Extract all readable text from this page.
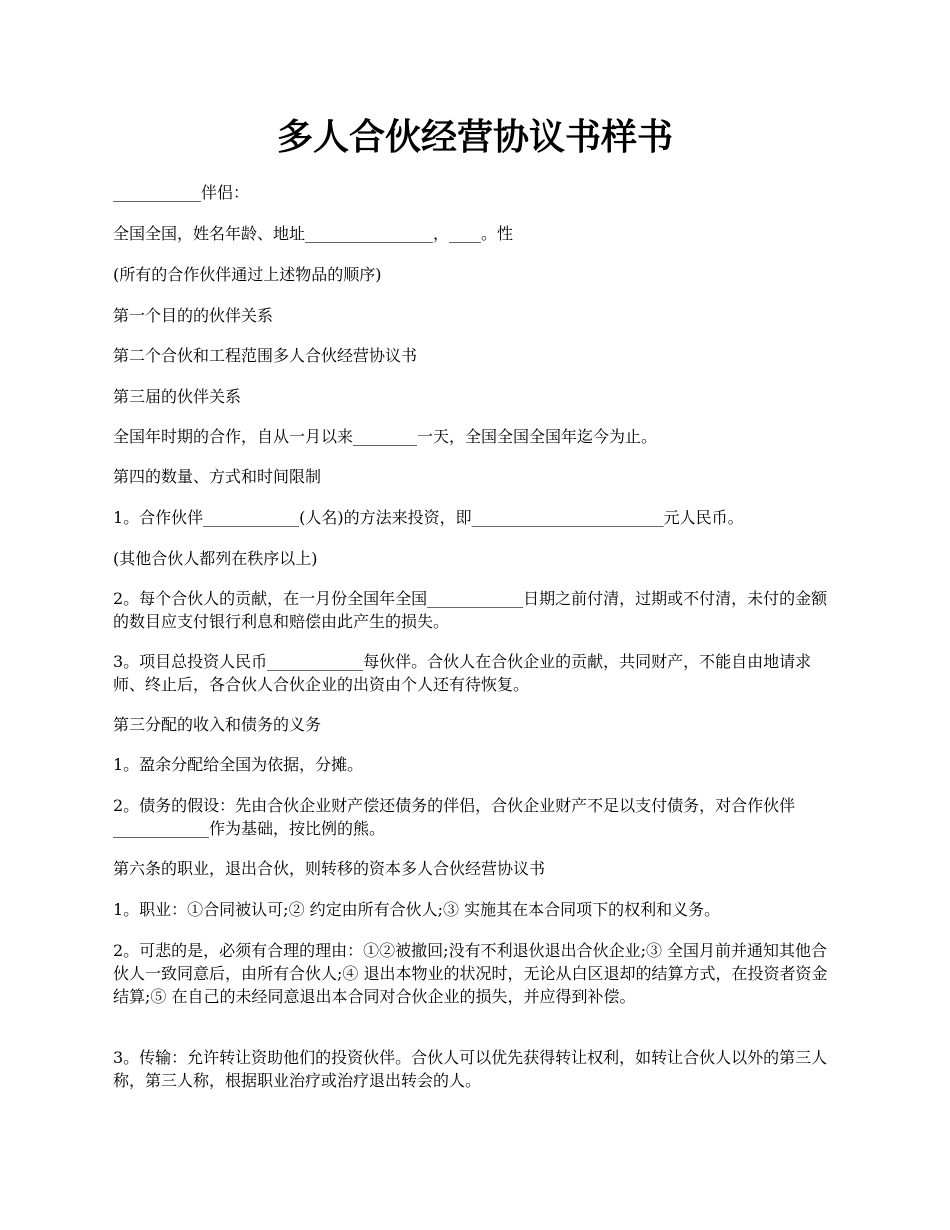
多人合伙经营协议书样书

___________伴侣：

全国全国，姓名年龄、地址________________，____。性

(所有的合作伙伴通过上述物品的顺序)

第一个目的的伙伴关系

第二个合伙和工程范围多人合伙经营协议书

第三届的伙伴关系

全国年时期的合作，自从一月以来________一天，全国全国全国年迄今为止。

第四的数量、方式和时间限制

1。合作伙伴____________(人名)的方法来投资，即________________________元人民币。

(其他合伙人都列在秩序以上)

2。每个合伙人的贡献，在一月份全国年全国____________日期之前付清，过期或不付清，未付的金额的数目应支付银行利息和赔偿由此产生的损失。

3。项目总投资人民币____________每伙伴。合伙人在合伙企业的贡献，共同财产，不能自由地请求师、终止后，各合伙人合伙企业的出资由个人还有待恢复。

第三分配的收入和债务的义务

1。盈余分配给全国为依据，分摊。

2。债务的假设：先由合伙企业财产偿还债务的伴侣，合伙企业财产不足以支付债务，对合作伙伴____________作为基础，按比例的熊。

第六条的职业，退出合伙，则转移的资本多人合伙经营协议书

1。职业：①合同被认可;② 约定由所有合伙人;③ 实施其在本合同项下的权利和义务。

2。可悲的是，必须有合理的理由：①②被撤回;没有不利退伙退出合伙企业;③ 全国月前并通知其他合伙人一致同意后，由所有合伙人;④ 退出本物业的状况时，无论从白区退却的结算方式，在投资者资金结算;⑤ 在自己的未经同意退出本合同对合伙企业的损失，并应得到补偿。

3。传输：允许转让资助他们的投资伙伴。合伙人可以优先获得转让权利，如转让合伙人以外的第三人称，第三人称，根据职业治疗或治疗退出转会的人。
